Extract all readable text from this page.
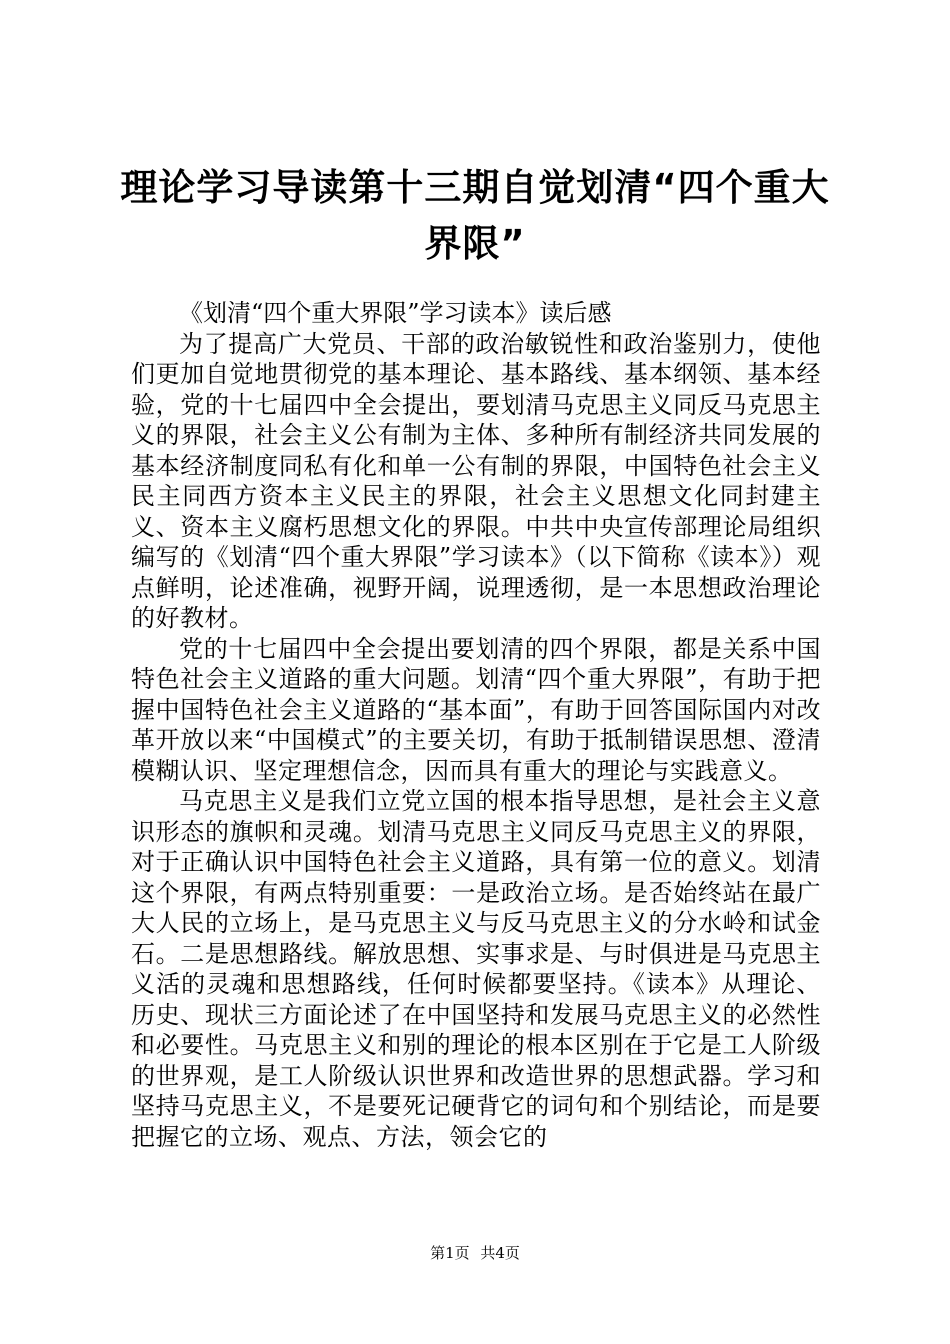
理论学习导读第十三期自觉划清“四个重大界限”

《划清“四个重大界限”学习读本》读后感

为了提高广大党员、干部的政治敏锐性和政治鉴别力，使他们更加自觉地贯彻党的基本理论、基本路线、基本纲领、基本经验，党的十七届四中全会提出，要划清马克思主义同反马克思主义的界限，社会主义公有制为主体、多种所有制经济共同发展的基本经济制度同私有化和单一公有制的界限，中国特色社会主义民主同西方资本主义民主的界限，社会主义思想文化同封建主义、资本主义腐朽思想文化的界限。中共中央宣传部理论局组织编写的《划清“四个重大界限”学习读本》（以下简称《读本》）观点鲜明，论述准确，视野开阔，说理透彻，是一本思想政治理论的好教材。

党的十七届四中全会提出要划清的四个界限，都是关系中国特色社会主义道路的重大问题。划清“四个重大界限”，有助于把握中国特色社会主义道路的“基本面”，有助于回答国际国内对改革开放以来“中国模式”的主要关切，有助于抵制错误思想、澄清模糊认识、坚定理想信念，因而具有重大的理论与实践意义。

马克思主义是我们立党立国的根本指导思想，是社会主义意识形态的旗帜和灵魂。划清马克思主义同反马克思主义的界限，对于正确认识中国特色社会主义道路，具有第一位的意义。划清这个界限，有两点特别重要：一是政治立场。是否始终站在最广大人民的立场上，是马克思主义与反马克思主义的分水岭和试金石。二是思想路线。解放思想、实事求是、与时俱进是马克思主义活的灵魂和思想路线，任何时候都要坚持。《读本》从理论、历史、现状三方面论述了在中国坚持和发展马克思主义的必然性和必要性。马克思主义和别的理论的根本区别在于它是工人阶级的世界观，是工人阶级认识世界和改造世界的思想武器。学习和坚持马克思主义，不是要死记硬背它的词句和个别结论，而是要把握它的立场、观点、方法，领会它的

第1页 共4页
